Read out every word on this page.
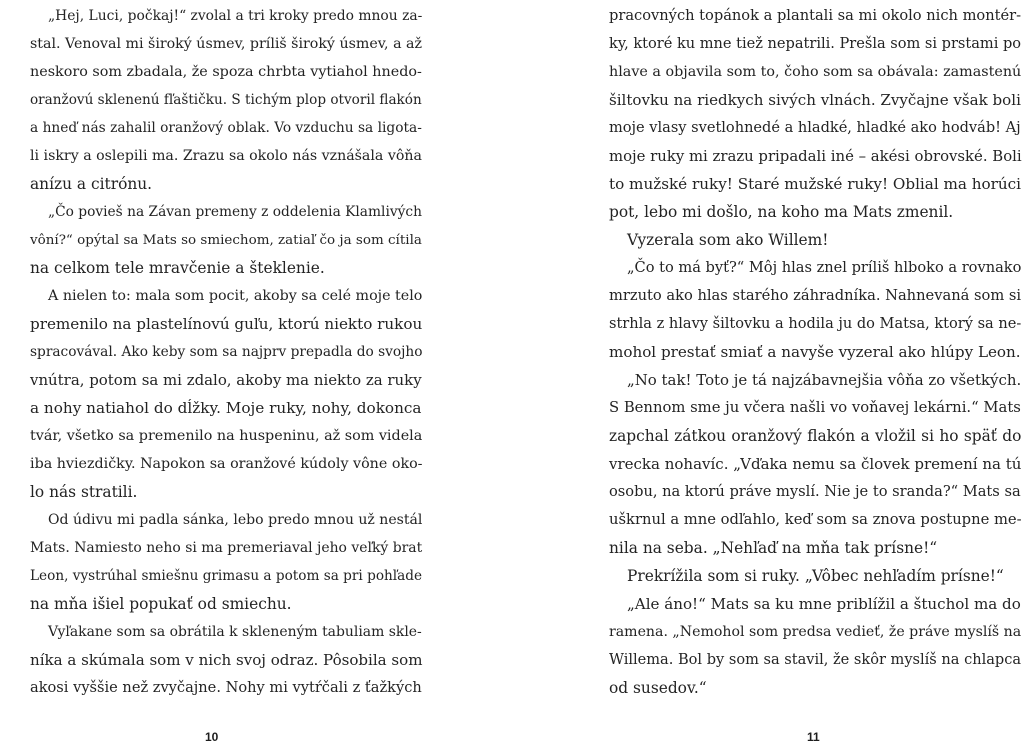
„Hej, Luci, počkaj!“ zvolal a tri kroky predo mnou za-
stal. Venoval mi široký úsmev, príliš široký úsmev, a až
neskoro som zbadala, že spoza chrbta vytiahol hnedo-
oranžovú sklenenú fľaštičku. S tichým plop otvoril flakón
a hneď nás zahalil oranžový oblak. Vo vzduchu sa ligota-
li iskry a oslepili ma. Zrazu sa okolo nás vznášala vôňa
anízu a citrónu.
„Čo povieš na Závan premeny z oddelenia Klamlivých
vôní?“ opýtal sa Mats so smiechom, zatiaľ čo ja som cítila
na celkom tele mravčenie a šteklenie.
A nielen to: mala som pocit, akoby sa celé moje telo
premenilo na plastelínovú guľu, ktorú niekto rukou
spracovával. Ako keby som sa najprv prepadla do svojho
vnútra, potom sa mi zdalo, akoby ma niekto za ruky
a nohy natiahol do dĺžky. Moje ruky, nohy, dokonca
tvár, všetko sa premenilo na huspeninu, až som videla
iba hviezdičky. Napokon sa oranžové kúdoly vône oko-
lo nás stratili.
Od údivu mi padla sánka, lebo predo mnou už nestál
Mats. Namiesto neho si ma premeriaval jeho veľký brat
Leon, vystrúhal smiešnu grimasu a potom sa pri pohľade
na mňa išiel popukať od smiechu.
Vyľakane som sa obrátila k skleneným tabuliam skle-
níka a skúmala som v nich svoj odraz. Pôsobila som
akosi vyššie než zvyčajne. Nohy mi vytŕčali z ťažkých
pracovných topánok a plantali sa mi okolo nich montér-
ky, ktoré ku mne tiež nepatrili. Prešla som si prstami po
hlave a objavila som to, čoho som sa obávala: zamastenú
šiltovku na riedkych sivých vlnách. Zvyčajne však boli
moje vlasy svetlohnedé a hladké, hladké ako hodváb! Aj
moje ruky mi zrazu pripadali iné – akési obrovské. Boli
to mužské ruky! Staré mužské ruky! Oblial ma horúci
pot, lebo mi došlo, na koho ma Mats zmenil.
Vyzerala som ako Willem!
„Čo to má byť?“ Môj hlas znel príliš hlboko a rovnako
mrzuto ako hlas starého záhradníka. Nahnevaná som si
strhla z hlavy šiltovku a hodila ju do Matsa, ktorý sa ne-
mohol prestať smiať a navyše vyzeral ako hlúpy Leon.
„No tak! Toto je tá najzábavnejšia vôňa zo všetkých.
S Bennom sme ju včera našli vo voňavej lekárni.“ Mats
zapchal zátkou oranžový flakón a vložil si ho späť do
vrecka nohavíc. „Vďaka nemu sa človek premení na tú
osobu, na ktorú práve myslí. Nie je to sranda?“ Mats sa
uškrnul a mne odľahlo, keď som sa znova postupne me-
nila na seba. „Nehľaď na mňa tak prísne!“
Prekrížila som si ruky. „Vôbec nehľadím prísne!“
„Ale áno!“ Mats sa ku mne priblížil a štuchol ma do
ramena. „Nemohol som predsa vedieť, že práve myslíš na
Willema. Bol by som sa stavil, že skôr myslíš na chlapca
od susedov.“
10	11
